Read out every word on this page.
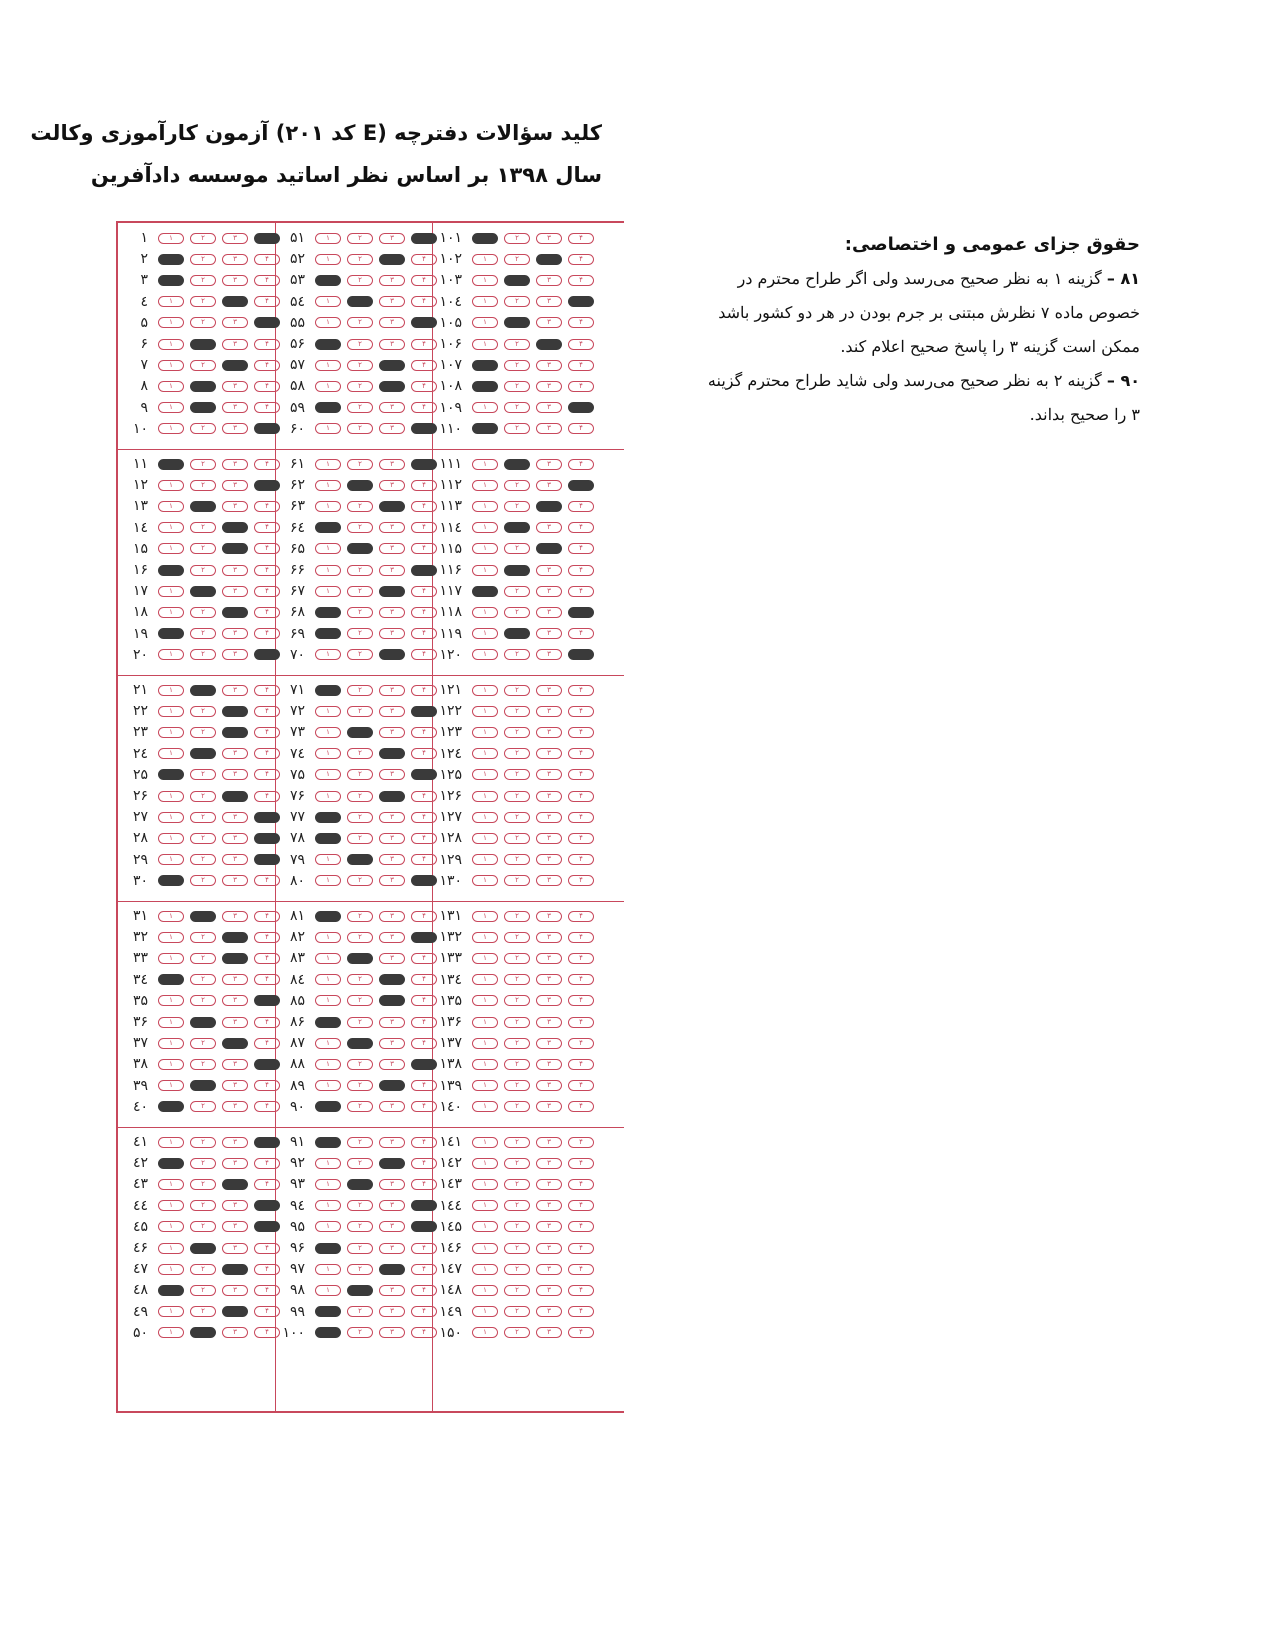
کلید سؤالات دفترچه (E کد ۲۰۱) آزمون کارآموزی وکالت
سال ۱۳۹۸ بر اساس نظر اساتید موسسه دادآفرین
۱	۱	۲	۳
۲	۲	۳	۴
۳	۲	۳	۴
٤	۱	۲	۴
۵	۱	۲	۳
۶	۱	۳	۴
۷	۱	۲	۴
۸	۱	۳	۴
۹	۱	۳	۴
۱۰	۱	۲	۳
۱۱	۲	۳	۴
۱۲	۱	۲	۳
۱۳	۱	۳	۴
۱٤	۱	۲	۴
۱۵	۱	۲	۴
۱۶	۲	۳	۴
۱۷	۱	۳	۴
۱۸	۱	۲	۴
۱۹	۲	۳	۴
۲۰	۱	۲	۳
۲۱	۱	۳	۴
۲۲	۱	۲	۴
۲۳	۱	۲	۴
۲٤	۱	۳	۴
۲۵	۲	۳	۴
۲۶	۱	۲	۴
۲۷	۱	۲	۳
۲۸	۱	۲	۳
۲۹	۱	۲	۳
۳۰	۲	۳	۴
۳۱	۱	۳	۴
۳۲	۱	۲	۴
۳۳	۱	۲	۴
۳٤	۲	۳	۴
۳۵	۱	۲	۳
۳۶	۱	۳	۴
۳۷	۱	۲	۴
۳۸	۱	۲	۳
۳۹	۱	۳	۴
٤۰	۲	۳	۴
٤۱	۱	۲	۳
٤۲	۲	۳	۴
٤۳	۱	۲	۴
٤٤	۱	۲	۳
٤۵	۱	۲	۳
٤۶	۱	۳	۴
٤۷	۱	۲	۴
٤۸	۲	۳	۴
٤۹	۱	۲	۴
۵۰	۱	۳	۴
۵۱	۱	۲	۳
۵۲	۱	۲	۴
۵۳	۲	۳	۴
۵٤	۱	۳	۴
۵۵	۱	۲	۳
۵۶	۲	۳	۴
۵۷	۱	۲	۴
۵۸	۱	۲	۴
۵۹	۲	۳	۴
۶۰	۱	۲	۳
۶۱	۱	۲	۳
۶۲	۱	۳	۴
۶۳	۱	۲	۴
۶٤	۲	۳	۴
۶۵	۱	۳	۴
۶۶	۱	۲	۳
۶۷	۱	۲	۴
۶۸	۲	۳	۴
۶۹	۲	۳	۴
۷۰	۱	۲	۴
۷۱	۲	۳	۴
۷۲	۱	۲	۳
۷۳	۱	۳	۴
۷٤	۱	۲	۴
۷۵	۱	۲	۳
۷۶	۱	۲	۴
۷۷	۲	۳	۴
۷۸	۲	۳	۴
۷۹	۱	۳	۴
۸۰	۱	۲	۳
۸۱	۲	۳	۴
۸۲	۱	۲	۳
۸۳	۱	۳	۴
۸٤	۱	۲	۴
۸۵	۱	۲	۴
۸۶	۲	۳	۴
۸۷	۱	۳	۴
۸۸	۱	۲	۳
۸۹	۱	۲	۴
۹۰	۲	۳	۴
۹۱	۲	۳	۴
۹۲	۱	۲	۴
۹۳	۱	۳	۴
۹٤	۱	۲	۳
۹۵	۱	۲	۳
۹۶	۲	۳	۴
۹۷	۱	۲	۴
۹۸	۱	۳	۴
۹۹	۲	۳	۴
۱۰۰	۲	۳	۴
۱۰۱	۲	۳	۴
۱۰۲	۱	۲	۴
۱۰۳	۱	۳	۴
۱۰٤	۱	۲	۳
۱۰۵	۱	۳	۴
۱۰۶	۱	۲	۴
۱۰۷	۲	۳	۴
۱۰۸	۲	۳	۴
۱۰۹	۱	۲	۳
۱۱۰	۲	۳	۴
۱۱۱	۱	۳	۴
۱۱۲	۱	۲	۳
۱۱۳	۱	۲	۴
۱۱٤	۱	۳	۴
۱۱۵	۱	۲	۴
۱۱۶	۱	۳	۴
۱۱۷	۲	۳	۴
۱۱۸	۱	۲	۳
۱۱۹	۱	۳	۴
۱۲۰	۱	۲	۳
۱۲۱	۱	۲	۳	۴
۱۲۲	۱	۲	۳	۴
۱۲۳	۱	۲	۳	۴
۱۲٤	۱	۲	۳	۴
۱۲۵	۱	۲	۳	۴
۱۲۶	۱	۲	۳	۴
۱۲۷	۱	۲	۳	۴
۱۲۸	۱	۲	۳	۴
۱۲۹	۱	۲	۳	۴
۱۳۰	۱	۲	۳	۴
۱۳۱	۱	۲	۳	۴
۱۳۲	۱	۲	۳	۴
۱۳۳	۱	۲	۳	۴
۱۳٤	۱	۲	۳	۴
۱۳۵	۱	۲	۳	۴
۱۳۶	۱	۲	۳	۴
۱۳۷	۱	۲	۳	۴
۱۳۸	۱	۲	۳	۴
۱۳۹	۱	۲	۳	۴
۱٤۰	۱	۲	۳	۴
۱٤۱	۱	۲	۳	۴
۱٤۲	۱	۲	۳	۴
۱٤۳	۱	۲	۳	۴
۱٤٤	۱	۲	۳	۴
۱٤۵	۱	۲	۳	۴
۱٤۶	۱	۲	۳	۴
۱٤۷	۱	۲	۳	۴
۱٤۸	۱	۲	۳	۴
۱٤۹	۱	۲	۳	۴
۱۵۰	۱	۲	۳	۴
حقوق جزای عمومی و اختصاصی:
۸۱ – گزینه ۱ به نظر صحیح می‌رسد ولی اگر طراح محترم در
خصوص ماده ۷ نظرش مبتنی بر جرم بودن در هر دو کشور باشد
ممکن است گزینه ۳ را پاسخ صحیح اعلام کند.
۹۰ – گزینه ۲ به نظر صحیح می‌رسد ولی شاید طراح محترم گزینه
۳ را صحیح بداند.
